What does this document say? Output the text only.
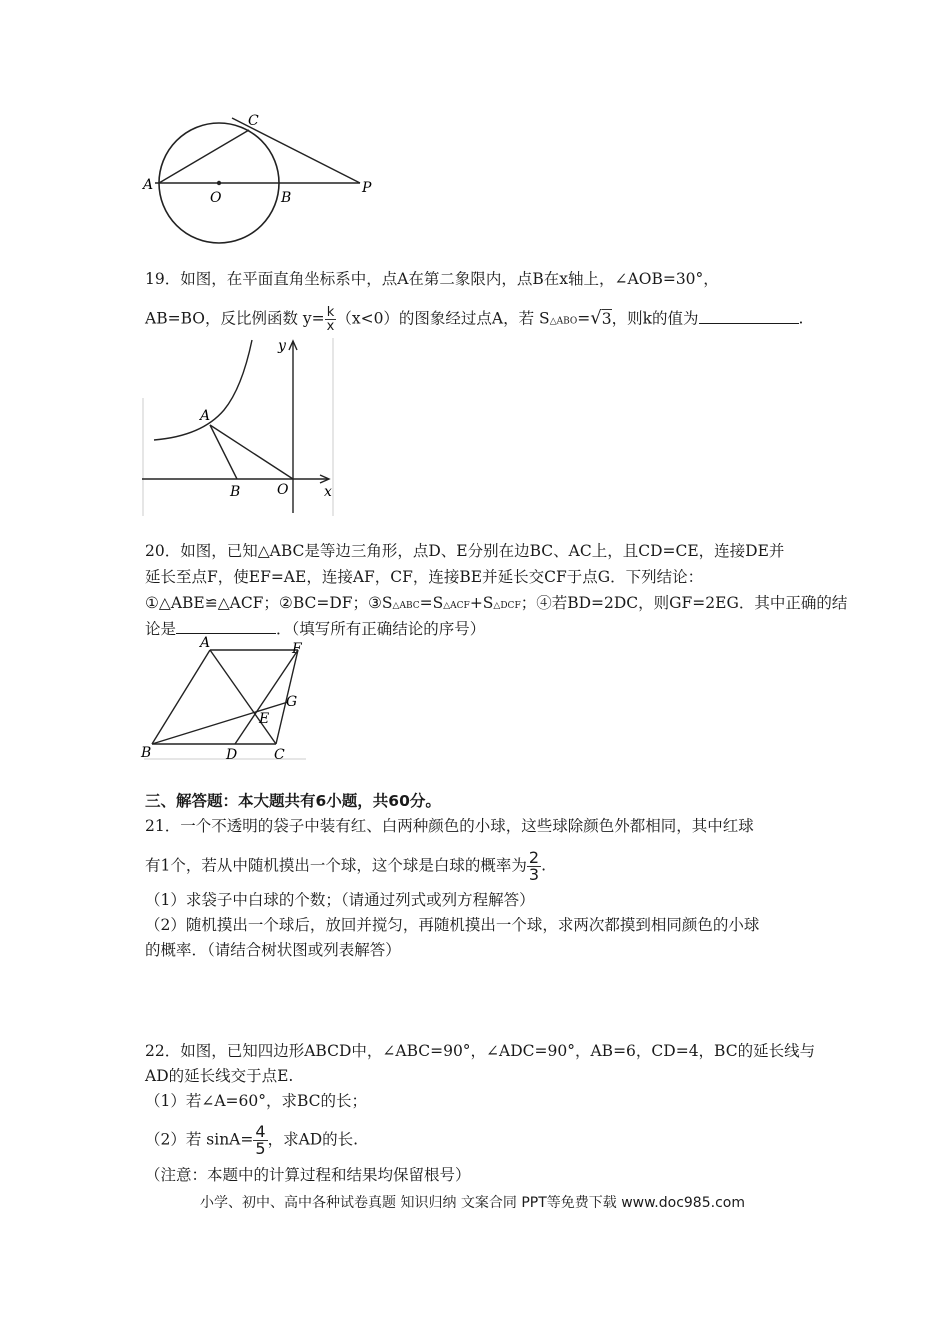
A
O	B
C
P
19．如图，在平面直角坐标系中，点A在第二象限内，点B在x轴上，∠AOB=30°，
AB=BO，反比例函数 $y= \frac{k}{x} (x<0)$的图象经过点A，若 S△ABO=√3，则k的值为	.
y
A
B	O	x
20．如图，已知△ABC是等边三角形，点D、E分别在边BC、AC上，且CD=CE，连接DE并
延长至点F，使EF=AE，连接AF，CF，连接BE并延长交CF于点G．下列结论：
①△ABE≌△ACF；②BC=DF；③S△ABC=S△ACF+S△DCF；④若BD=2DC，则GF=2EG．其中正确的结
论是	．（填写所有正确结论的序号）
A	F
G
E
B	D	C
三、解答题：本大题共有6小题，共60分。
21．一个不透明的袋子中装有红、白两种颜色的小球，这些球除颜色外都相同，其中红球
有1个，若从中随机摸出一个球，这个球是白球的概率为 $\frac{2}{3}$ .
（1）求袋子中白球的个数；（请通过列式或列方程解答）
（2）随机摸出一个球后，放回并搅匀，再随机摸出一个球，求两次都摸到相同颜色的小球
的概率．（请结合树状图或列表解答）
22．如图，已知四边形ABCD中，∠ABC=90°，∠ADC=90°，AB=6，CD=4，BC的延长线与
AD的延长线交于点E.
（1）若∠A=60°，求BC的长；
（2）若 $\sin A= \frac{4}{5}$ ，求AD的长.
（注意：本题中的计算过程和结果均保留根号）
小学、初中、高中各种试卷真题 知识归纳 文案合同 PPT等免费下载 www.doc985.com
